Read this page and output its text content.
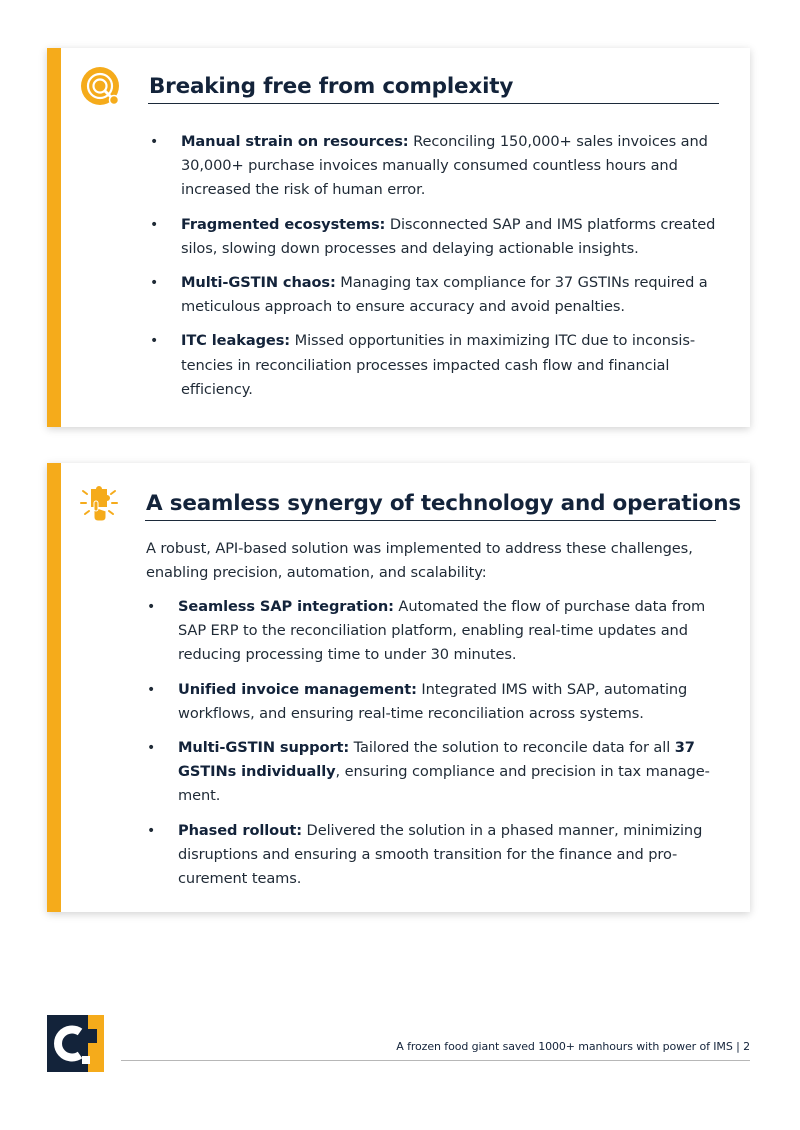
Breaking free from complexity
• Manual strain on resources: Reconciling 150,000+ sales invoices and
30,000+ purchase invoices manually consumed countless hours and
increased the risk of human error.
• Fragmented ecosystems: Disconnected SAP and IMS platforms created
silos, slowing down processes and delaying actionable insights.
• Multi-GSTIN chaos: Managing tax compliance for 37 GSTINs required a
meticulous approach to ensure accuracy and avoid penalties.
• ITC leakages: Missed opportunities in maximizing ITC due to inconsis-
tencies in reconciliation processes impacted cash flow and financial
efficiency.
A seamless synergy of technology and operations

A robust, API-based solution was implemented to address these challenges,
enabling precision, automation, and scalability:

• Seamless SAP integration: Automated the flow of purchase data from
SAP ERP to the reconciliation platform, enabling real-time updates and
reducing processing time to under 30 minutes.
• Unified invoice management: Integrated IMS with SAP, automating
workflows, and ensuring real-time reconciliation across systems.
• Multi-GSTIN support: Tailored the solution to reconcile data for all 37
GSTINs individually, ensuring compliance and precision in tax manage-
ment.
• Phased rollout: Delivered the solution in a phased manner, minimizing
disruptions and ensuring a smooth transition for the finance and pro-
curement teams.
A frozen food giant saved 1000+ manhours with power of IMS | 2
